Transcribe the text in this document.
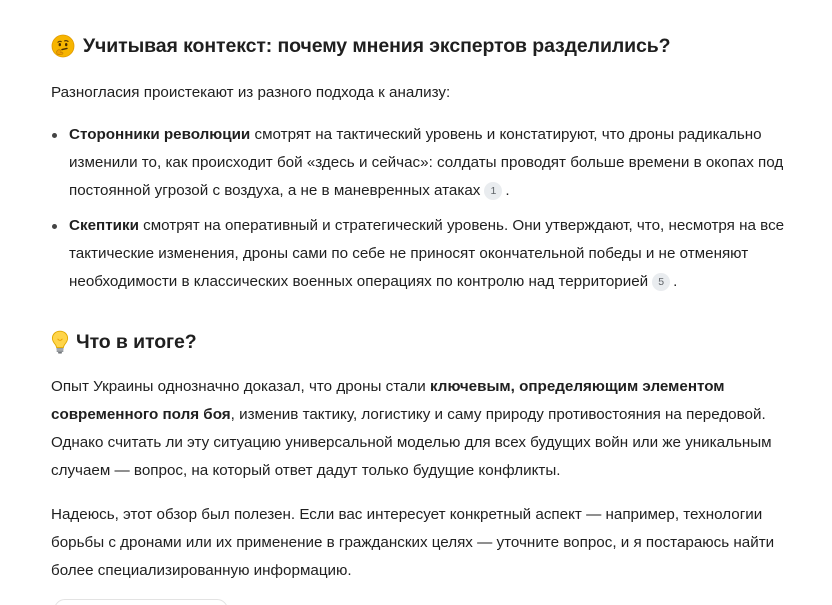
Учитывая контекст: почему мнения экспертов разделились?

Разногласия проистекают из разного подхода к анализу:

Сторонники революции смотрят на тактический уровень и констатируют, что дроны радикально изменили то, как происходит бой «здесь и сейчас»: солдаты проводят больше времени в окопах под постоянной угрозой с воздуха, а не в маневренных атаках 1 .
Скептики смотрят на оперативный и стратегический уровень. Они утверждают, что, несмотря на все тактические изменения, дроны сами по себе не приносят окончательной победы и не отменяют необходимости в классических военных операциях по контролю над территорией 5 .
Что в итоге?

Опыт Украины однозначно доказал, что дроны стали ключевым, определяющим элементом современного поля боя, изменив тактику, логистику и саму природу противостояния на передовой. Однако считать ли эту ситуацию универсальной моделью для всех будущих войн или же уникальным случаем — вопрос, на который ответ дадут только будущие конфликты.

Надеюсь, этот обзор был полезен. Если вас интересует конкретный аспект — например, технологии борьбы с дронами или их применение в гражданских целях — уточните вопрос, и я постараюсь найти более специализированную информацию.
